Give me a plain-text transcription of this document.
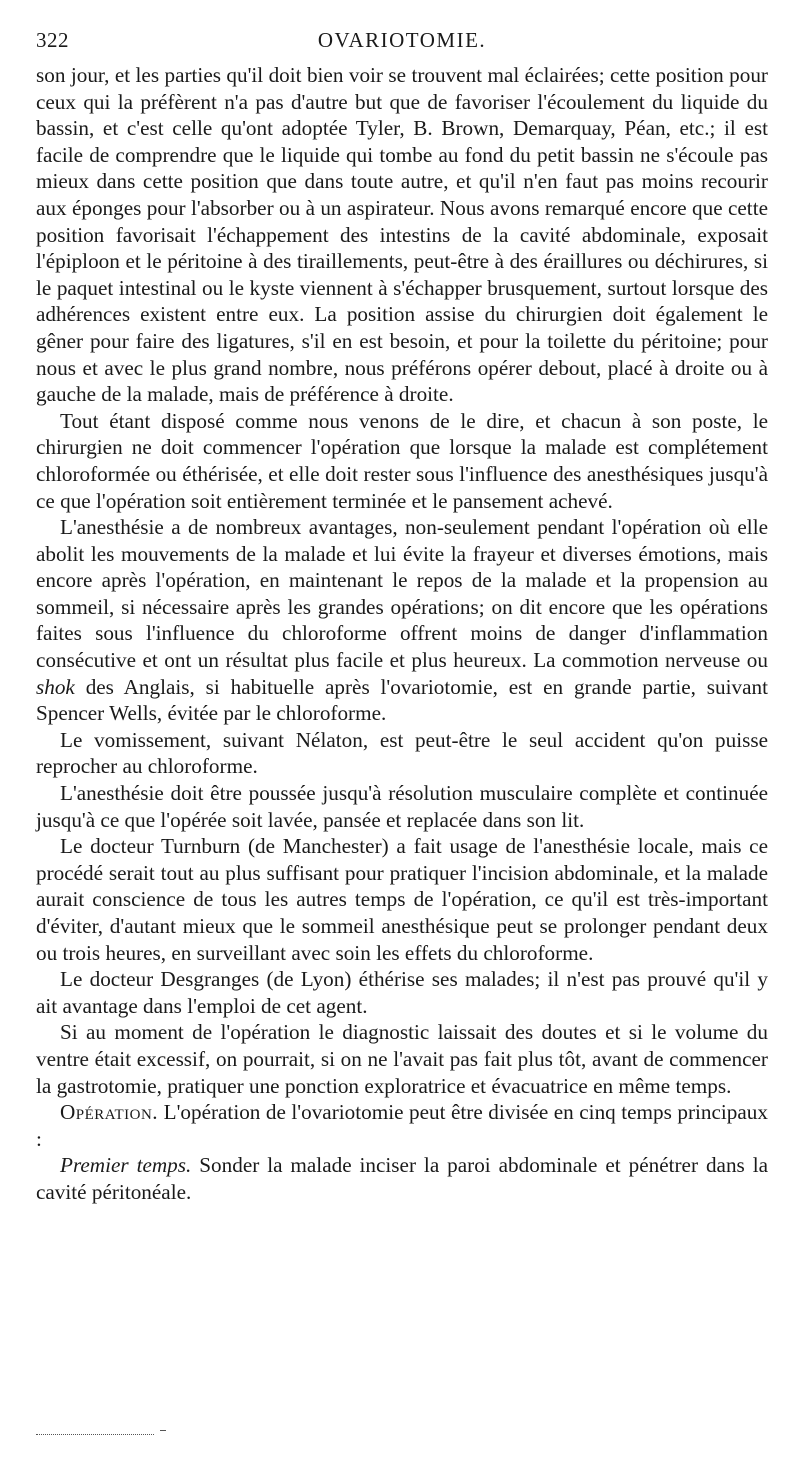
322	OVARIOTOMIE.

son jour, et les parties qu'il doit bien voir se trouvent mal éclairées; cette position pour ceux qui la préfèrent n'a pas d'autre but que de favoriser l'écoulement du liquide du bassin, et c'est celle qu'ont adoptée Tyler, B. Brown, Demarquay, Péan, etc.; il est facile de comprendre que le liquide qui tombe au fond du petit bassin ne s'écoule pas mieux dans cette position que dans toute autre, et qu'il n'en faut pas moins recourir aux éponges pour l'absorber ou à un aspirateur. Nous avons remarqué encore que cette position favorisait l'échappement des intestins de la cavité abdominale, exposait l'épiploon et le péritoine à des tiraillements, peut-être à des éraillures ou déchirures, si le paquet intestinal ou le kyste viennent à s'échapper brusquement, surtout lorsque des adhérences existent entre eux. La position assise du chirurgien doit également le gêner pour faire des ligatures, s'il en est besoin, et pour la toilette du péritoine; pour nous et avec le plus grand nombre, nous préférons opérer debout, placé à droite ou à gauche de la malade, mais de préférence à droite.

Tout étant disposé comme nous venons de le dire, et chacun à son poste, le chirurgien ne doit commencer l'opération que lorsque la malade est complétement chloroformée ou éthérisée, et elle doit rester sous l'influence des anesthésiques jusqu'à ce que l'opération soit entièrement terminée et le pansement achevé.

L'anesthésie a de nombreux avantages, non-seulement pendant l'opération où elle abolit les mouvements de la malade et lui évite la frayeur et diverses émotions, mais encore après l'opération, en maintenant le repos de la malade et la propension au sommeil, si nécessaire après les grandes opérations; on dit encore que les opérations faites sous l'influence du chloroforme offrent moins de danger d'inflammation consécutive et ont un résultat plus facile et plus heureux. La commotion nerveuse ou shok des Anglais, si habituelle après l'ovariotomie, est en grande partie, suivant Spencer Wells, évitée par le chloroforme.

Le vomissement, suivant Nélaton, est peut-être le seul accident qu'on puisse reprocher au chloroforme.

L'anesthésie doit être poussée jusqu'à résolution musculaire complète et continuée jusqu'à ce que l'opérée soit lavée, pansée et replacée dans son lit.

Le docteur Turnburn (de Manchester) a fait usage de l'anesthésie locale, mais ce procédé serait tout au plus suffisant pour pratiquer l'incision abdominale, et la malade aurait conscience de tous les autres temps de l'opération, ce qu'il est très-important d'éviter, d'autant mieux que le sommeil anesthésique peut se prolonger pendant deux ou trois heures, en surveillant avec soin les effets du chloroforme.

Le docteur Desgranges (de Lyon) éthérise ses malades; il n'est pas prouvé qu'il y ait avantage dans l'emploi de cet agent.

Si au moment de l'opération le diagnostic laissait des doutes et si le volume du ventre était excessif, on pourrait, si on ne l'avait pas fait plus tôt, avant de commencer la gastrotomie, pratiquer une ponction exploratrice et évacuatrice en même temps.

Opération. L'opération de l'ovariotomie peut être divisée en cinq temps principaux :

Premier temps. Sonder la malade inciser la paroi abdominale et pénétrer dans la cavité péritonéale.
